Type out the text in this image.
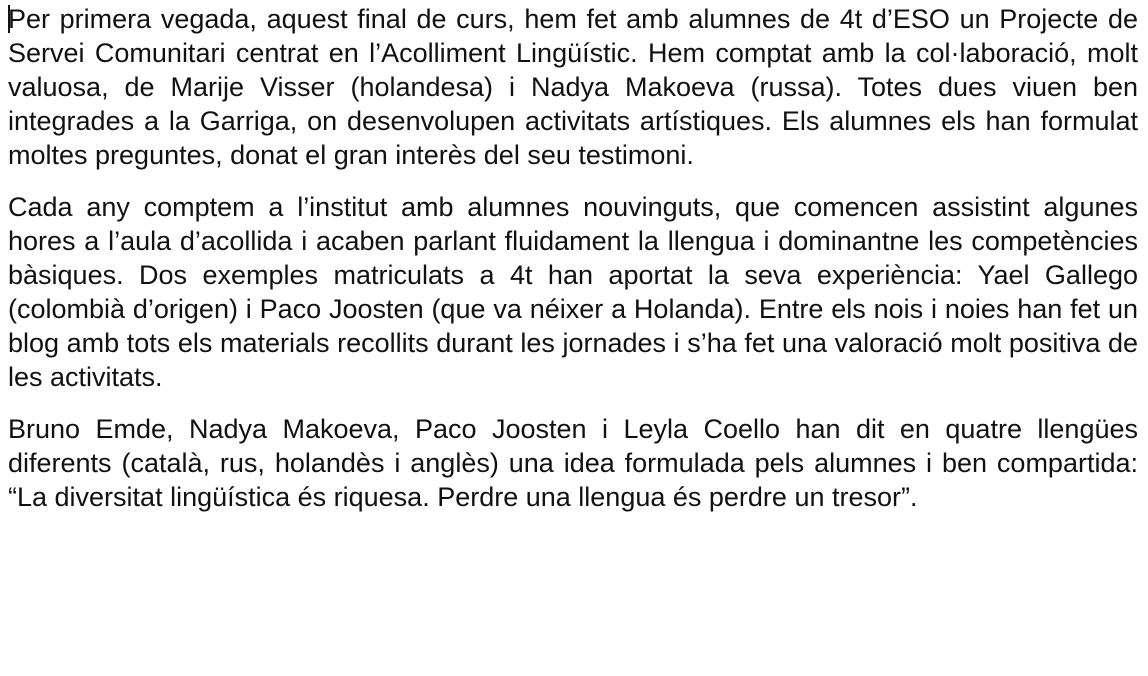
Per primera vegada, aquest final de curs, hem fet amb alumnes de 4t d’ESO un Projecte de Servei Comunitari centrat en l’Acolliment Lingüístic. Hem comptat amb la col·laboració, molt valuosa, de Marije Visser (holandesa) i Nadya Makoeva (russa). Totes dues viuen ben integrades a la Garriga, on desenvolupen activitats artístiques. Els alumnes els han formulat moltes preguntes, donat el gran interès del seu testimoni.

Cada any comptem a l’institut amb alumnes nouvinguts, que comencen assistint algunes hores a l’aula d’acollida i acaben parlant fluidament la llengua i dominantne les competències bàsiques. Dos exemples matriculats a 4t han aportat la seva experiència: Yael Gallego (colombià d’origen) i Paco Joosten (que va néixer a Holanda). Entre els nois i noies han fet un blog amb tots els materials recollits durant les jornades i s’ha fet una valoració molt positiva de les activitats.

Bruno Emde, Nadya Makoeva, Paco Joosten i Leyla Coello han dit en quatre llengües diferents (català, rus, holandès i anglès) una idea formulada pels alumnes i ben compartida: “La diversitat lingüística és riquesa. Perdre una llengua és perdre un tresor”.
